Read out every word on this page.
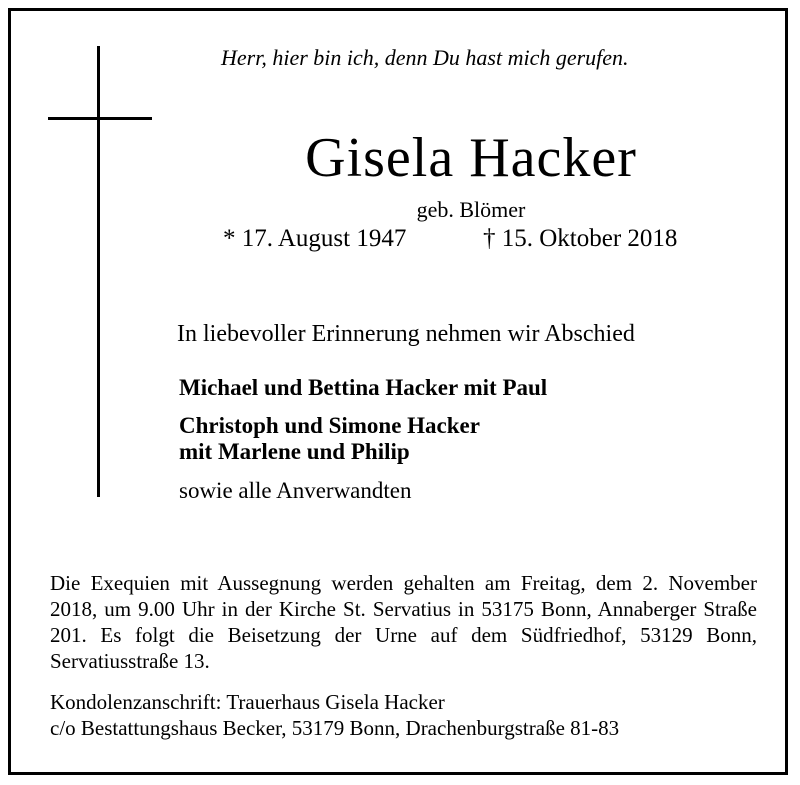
Herr, hier bin ich, denn Du hast mich gerufen.
Gisela Hacker
geb. Blömer
* 17. August 1947	† 15. Oktober 2018
In liebevoller Erinnerung nehmen wir Abschied
Michael und Bettina Hacker mit Paul
Christoph und Simone Hacker
mit Marlene und Philip
sowie alle Anverwandten
Die Exequien mit Aussegnung werden gehalten am Freitag, dem 2. November 2018, um 9.00 Uhr in der Kirche St. Servatius in 53175 Bonn, Annaberger Straße 201. Es folgt die Beisetzung der Urne auf dem Südfriedhof, 53129 Bonn, Servatiusstraße 13.
Kondolenzanschrift: Trauerhaus Gisela Hacker
c/o Bestattungshaus Becker, 53179 Bonn, Drachenburgstraße 81-83
